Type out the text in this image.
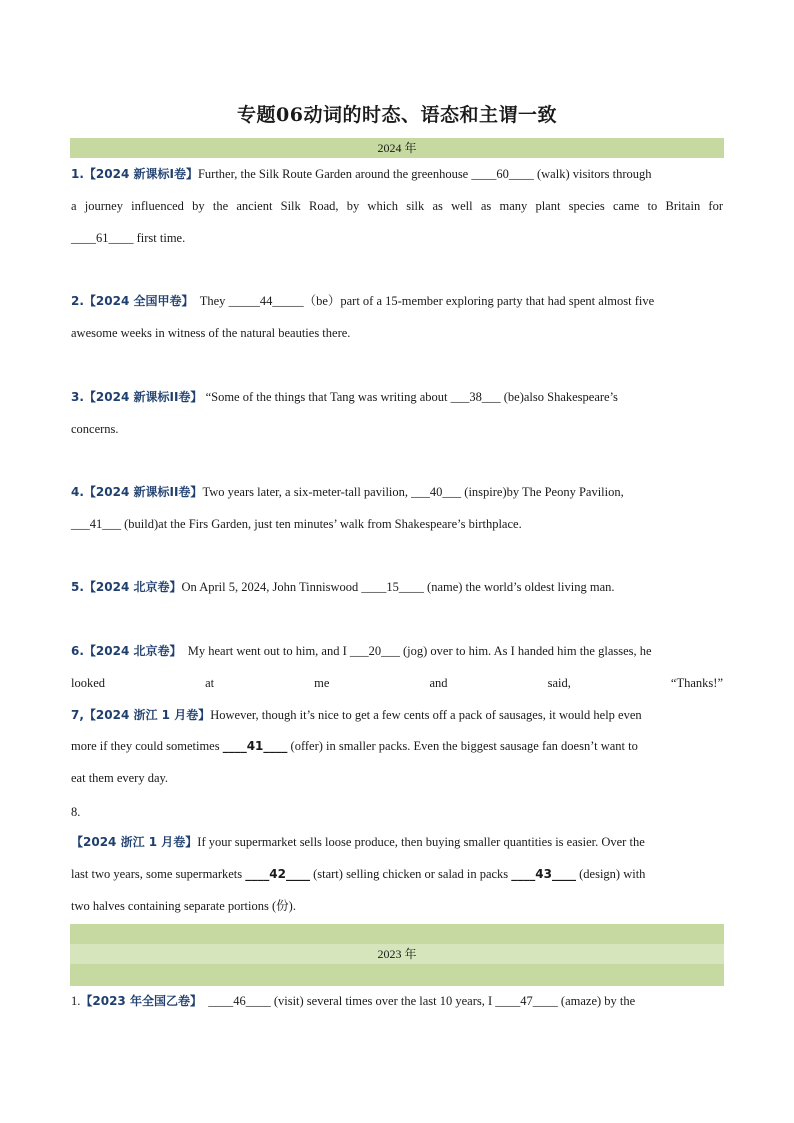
专题06动词的时态、语态和主谓一致
2024 年
1.【2024 新课标Ⅰ卷】Further, the Silk Route Garden around the greenhouse ____60____ (walk) visitors through
a journey influenced by the ancient Silk Road, by which silk as well as many plant species came to Britain for
____61____ first time.
2.【2024 全国甲卷】  They _____44_____（be）part of a 15-member exploring party that had spent almost five
awesome weeks in witness of the natural beauties there.
3.【2024 新课标ⅠⅠ卷】 “Some of the things that Tang was writing about ___38___ (be)also Shakespeare’s
concerns.
4.【2024 新课标ⅠⅠ卷】Two years later, a six-meter-tall pavilion, ___40___ (inspire)by The Peony Pavilion,
___41___ (build)at the Firs Garden, just ten minutes’ walk from Shakespeare’s birthplace.
5.【2024 北京卷】On April 5, 2024, John Tinniswood ____15____ (name) the world’s oldest living man.
6.【2024 北京卷】  My heart went out to him, and I ___20___ (jog) over to him. As I handed him the glasses, he
looked at me and said, “Thanks!”
7,【2024 浙江 1 月卷】However, though it’s nice to get a few cents off a pack of sausages, it would help even
more if they could sometimes ____41____ (offer) in smaller packs. Even the biggest sausage fan doesn’t want to
eat them every day.
8.
【2024 浙江 1 月卷】If your supermarket sells loose produce, then buying smaller quantities is easier. Over the
last two years, some supermarkets ____42____ (start) selling chicken or salad in packs ____43____ (design) with
two halves containing separate portions (份).
2023 年
1.【2023 年全国乙卷】 ____46____ (visit) several times over the last 10 years, I ____47____ (amaze) by the
